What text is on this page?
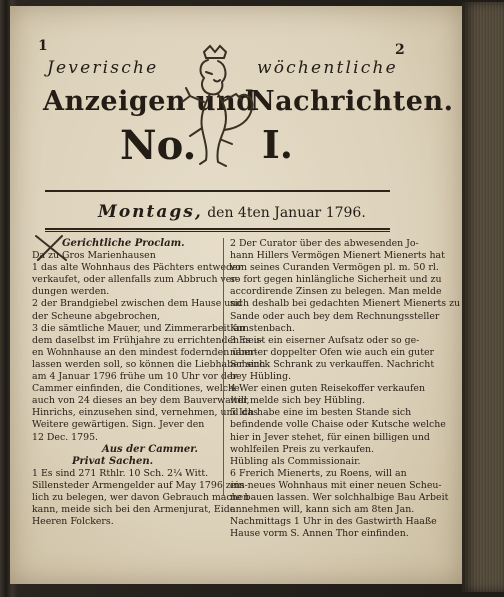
1	2
Jeverische	wöchentliche
Anzeigen und
Nachrichten.
No. I.
Montags, den 4ten Januar 1796.
Gerichtliche Proclam.
Da zu Gros Marienhausen
1 das alte Wohnhaus des Pächters entweder
verkaufet, oder allenfalls zum Abbruch ver-
dungen werden.
2 der Brandgiebel zwischen dem Hause und
der Scheune abgebrochen,
3 die sämtliche Mauer, und Zimmerarbeit an
dem daselbst im Frühjahre zu errichtenden neu-
en Wohnhause an den mindest fodernden über-
lassen werden soll, so können die Liebhaber sich
am 4 Januar 1796 frühe um 10 Uhr vor der
Cammer einfinden, die Conditiones, welche
auch von 24 dieses an bey dem Bauverwalter,
Hinrichs, einzusehen sind, vernehmen, und das
Weitere gewärtigen. Sign. Jever den
12 Dec. 1795.
Aus der Cammer.
Privat Sachen.
1 Es sind 271 Rthlr. 10 Sch. 2¼ Witt.
Sillensteder Armengelder auf May 1796 zins-
lich zu belegen, wer davon Gebrauch machen
kann, meide sich bei den Armenjurat, Eide
Heeren Folckers.
2 Der Curator über des abwesenden Jo-
hann Hillers Vermögen Mienert Mienerts hat
von seines Curanden Vermögen pl. m. 50 rl.
so fort gegen hinlängliche Sicherheit und zu
accordirende Zinsen zu belegen. Man melde
sich deshalb bei gedachten Mienert Mienerts zu
Sande oder auch bey dem Rechnungssteller
Kunstenbach.
3 Es ist ein eiserner Aufsatz oder so ge-
nannter doppelter Ofen wie auch ein guter
Schenck Schrank zu verkauffen. Nachricht
bey Hübling.
4 Wer einen guten Reisekoffer verkaufen
will melde sich bey Hübling.
5 Ich habe eine im besten Stande sich
befindende volle Chaise oder Kutsche welche
hier in Jever stehet, für einen billigen und
wohlfeilen Preis zu verkaufen.
Hübling als Commissionair.
6 Frerich Mienerts, zu Roens, will an
ein neues Wohnhaus mit einer neuen Scheu-
ne bauen lassen. Wer solchhalbige Bau Arbeit
annehmen will, kann sich am 8ten Jan.
Nachmittags 1 Uhr in des Gastwirth Haaße
Hause vorm S. Annen Thor einfinden.
